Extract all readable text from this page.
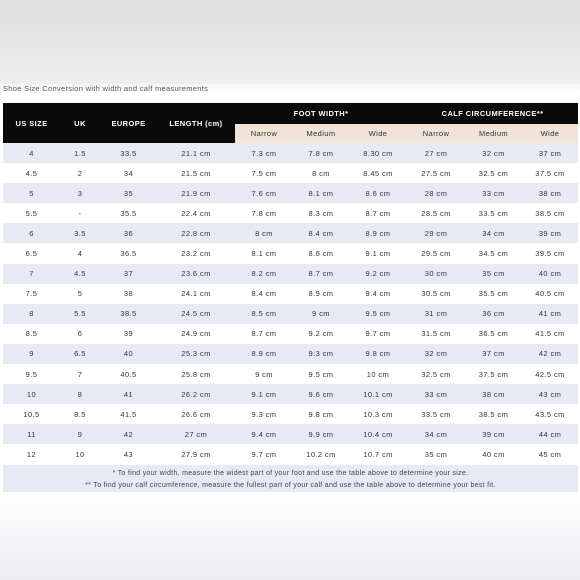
Shoe Size Conversion with width and calf measurements
US SIZE	UK	EUROPE	LENGTH (cm)	FOOT WIDTH*			CALF CIRCUMFERENCE**		
				Narrow	Medium	Wide	Narrow	Medium	Wide
4	1.5	33.5	21.1 cm	7.3 cm	7.8 cm	8.30 cm	27 cm	32 cm	37 cm
4.5	2	34	21.5 cm	7.5 cm	8 cm	8.45 cm	27.5 cm	32.5 cm	37.5 cm
5	3	35	21.9 cm	7.6 cm	8.1 cm	8.6 cm	28 cm	33 cm	38 cm
5.5	-	35.5	22.4 cm	7.8 cm	8.3 cm	8.7 cm	28.5 cm	33.5 cm	38.5 cm
6	3.5	36	22.8 cm	8 cm	8.4 cm	8.9 cm	29 cm	34 cm	39 cm
6.5	4	36.5	23.2 cm	8.1 cm	8.6 cm	9.1 cm	29.5 cm	34.5 cm	39.5 cm
7	4.5	37	23.6 cm	8.2 cm	8.7 cm	9.2 cm	30 cm	35 cm	40 cm
7.5	5	38	24.1 cm	8.4 cm	8.9 cm	9.4 cm	30.5 cm	35.5 cm	40.5 cm
8	5.5	38.5	24.5 cm	8.5 cm	9 cm	9.5 cm	31 cm	36 cm	41 cm
8.5	6	39	24.9 cm	8.7 cm	9.2 cm	9.7 cm	31.5 cm	36.5 cm	41.5 cm
9	6.5	40	25.3 cm	8.9 cm	9.3 cm	9.8 cm	32 cm	37 cm	42 cm
9.5	7	40.5	25.8 cm	9 cm	9.5 cm	10 cm	32.5 cm	37.5 cm	42.5 cm
10	8	41	26.2 cm	9.1 cm	9.6 cm	10.1 cm	33 cm	38 cm	43 cm
10.5	8.5	41.5	26.6 cm	9.3 cm	9.8 cm	10.3 cm	33.5 cm	38.5 cm	43.5 cm
11	9	42	27 cm	9.4 cm	9.9 cm	10.4 cm	34 cm	39 cm	44 cm
12	10	43	27.9 cm	9.7 cm	10.2 cm	10.7 cm	35 cm	40 cm	45 cm
* To find your width, measure the widest part of your foot and use the table above to determine your size.
** To find your calf circumference, measure the fullest part of your calf and use the table above to determine your best fit.
